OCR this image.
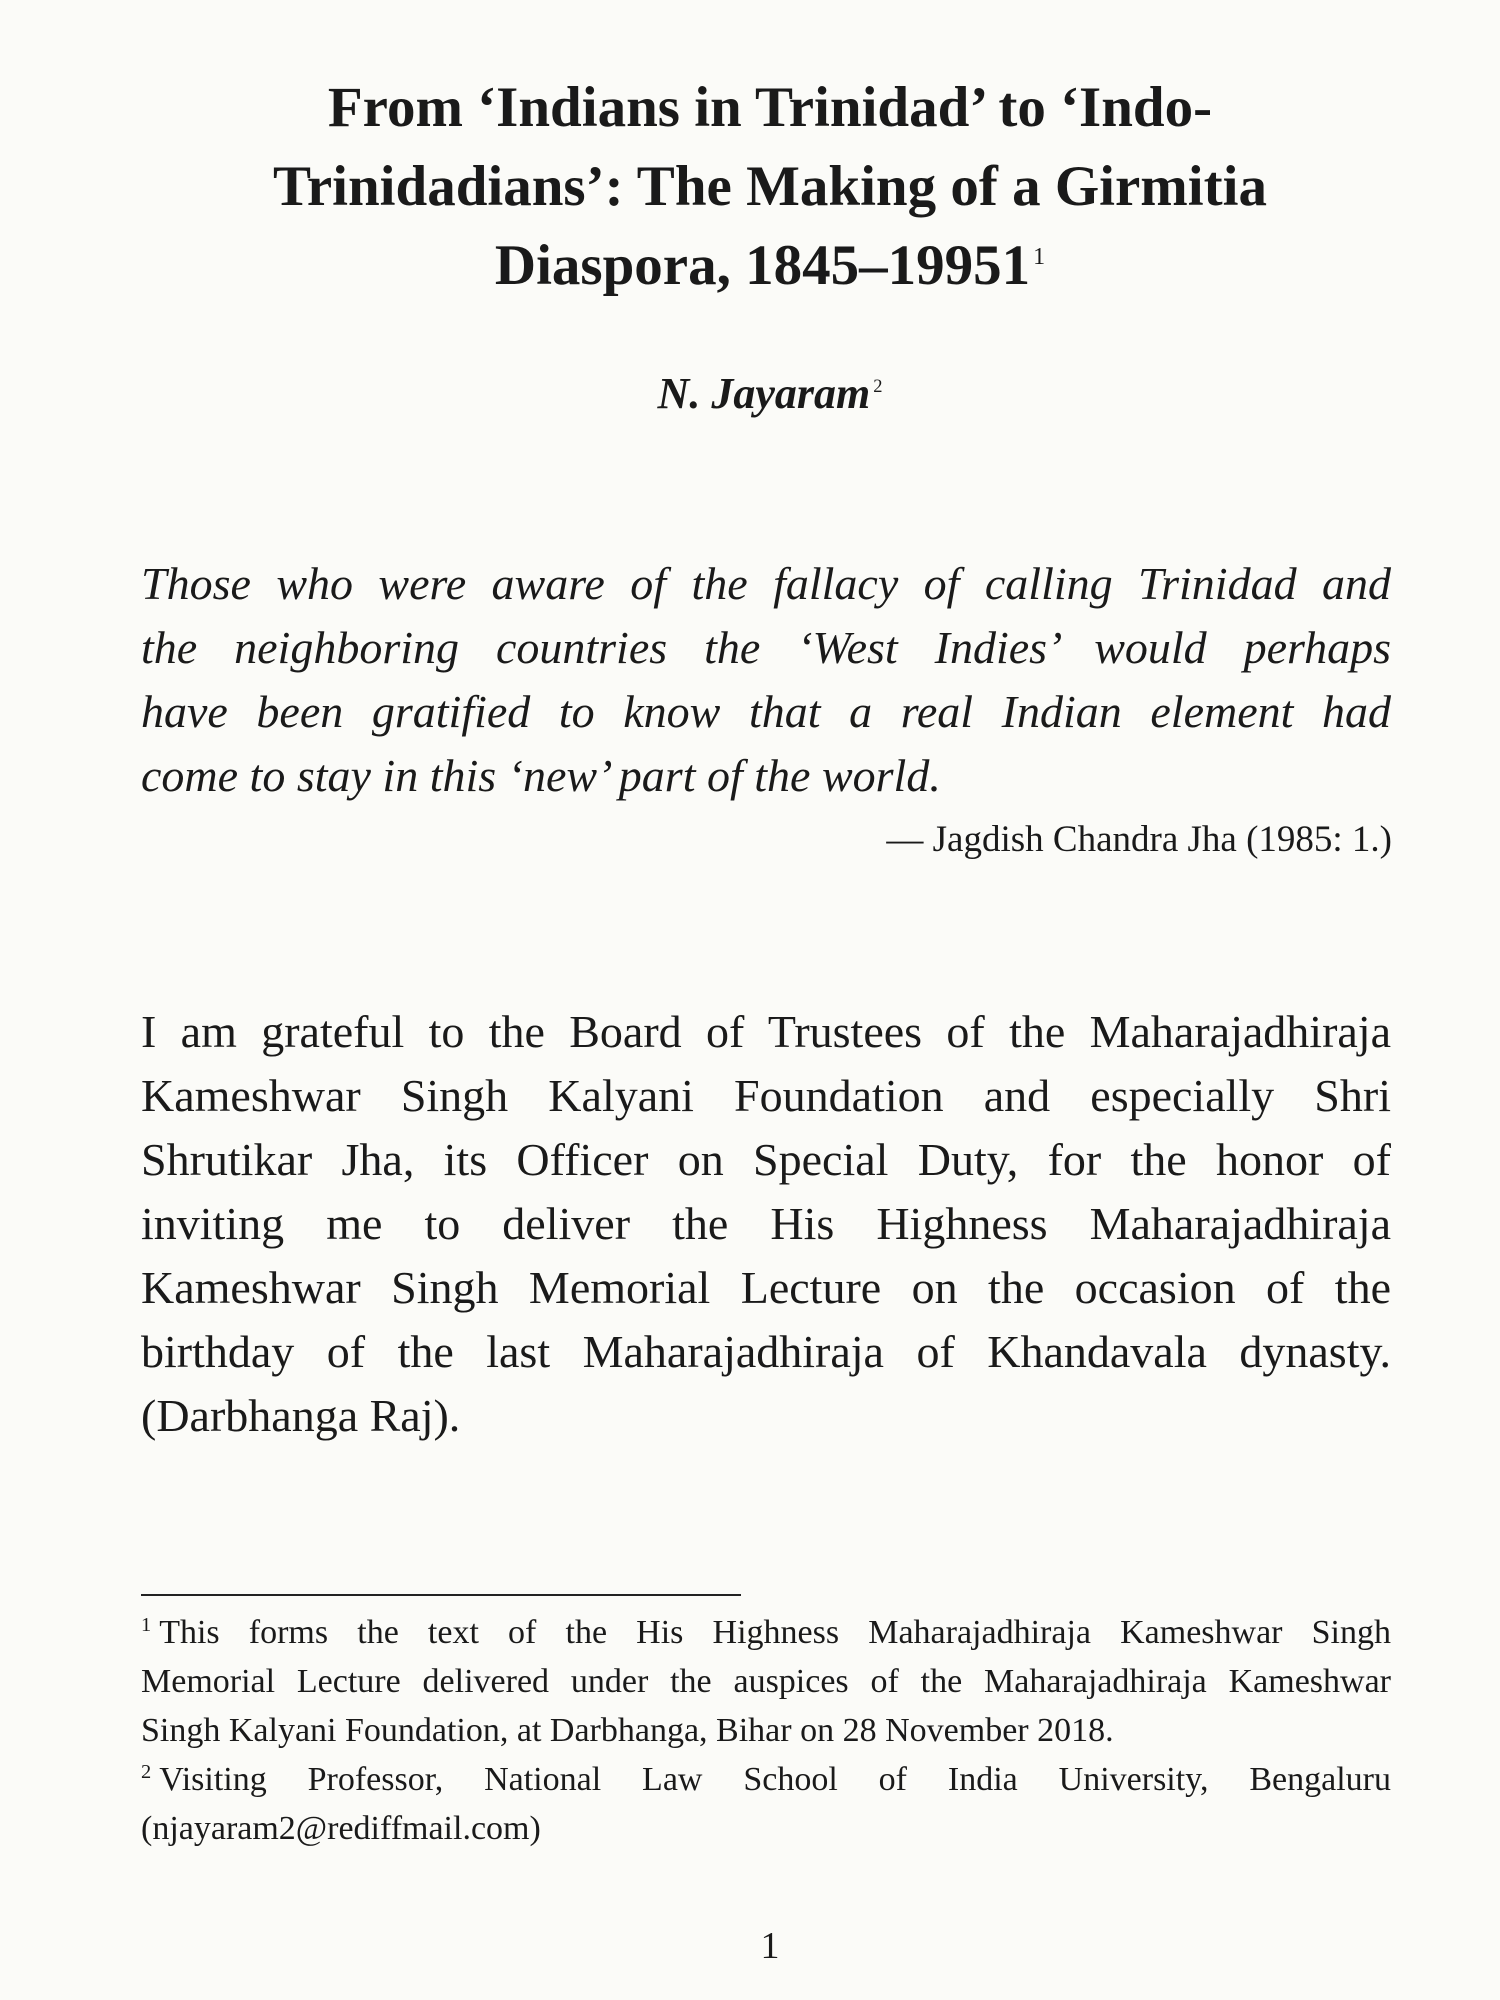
From ‘Indians in Trinidad’ to ‘Indo-
Trinidadians’: The Making of a Girmitia
Diaspora, 1845–19951 $^1$

N. Jayaram $^2$

Those who were aware of the fallacy of calling Trinidad and
the neighboring countries the ‘West Indies’ would perhaps
have been gratified to know that a real Indian element had
come to stay in this ‘new’ part of the world.

— Jagdish Chandra Jha (1985: 1.)

I am grateful to the Board of Trustees of the Maharajadhiraja
Kameshwar Singh Kalyani Foundation and especially Shri
Shrutikar Jha, its Officer on Special Duty, for the honor of
inviting me to deliver the His Highness Maharajadhiraja
Kameshwar Singh Memorial Lecture on the occasion of the
birthday of the last Maharajadhiraja of Khandavala dynasty.
(Darbhanga Raj).
$^1$ This forms the text of the His Highness Maharajadhiraja Kameshwar Singh
Memorial Lecture delivered under the auspices of the Maharajadhiraja Kameshwar
Singh Kalyani Foundation, at Darbhanga, Bihar on 28 November 2018.
$^2$ Visiting Professor, National Law School of India University, Bengaluru
(njayaram2@rediffmail.com)

1
